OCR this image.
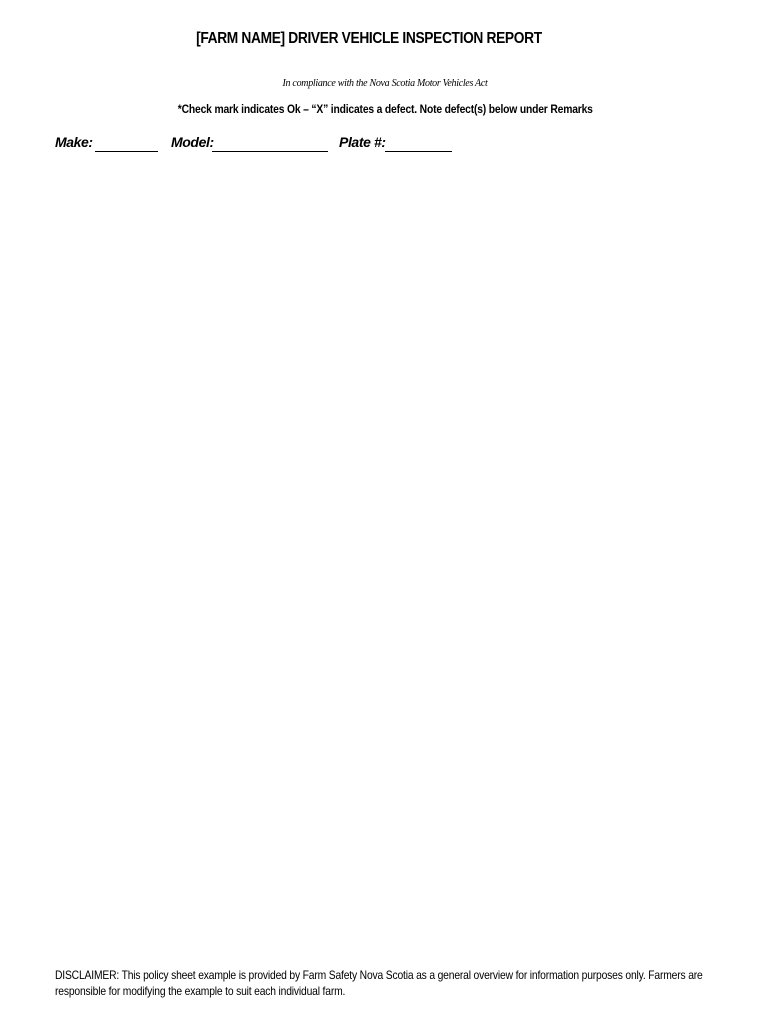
[FARM NAME] DRIVER VEHICLE INSPECTION REPORT
In compliance with the Nova Scotia Motor Vehicles Act
*Check mark indicates Ok – “X” indicates a defect. Note defect(s) below under Remarks
Make:	Model:	Plate #:
DISCLAIMER: This policy sheet example is provided by Farm Safety Nova Scotia as a general overview for information purposes only. Farmers are
responsible for modifying the example to suit each individual farm.
